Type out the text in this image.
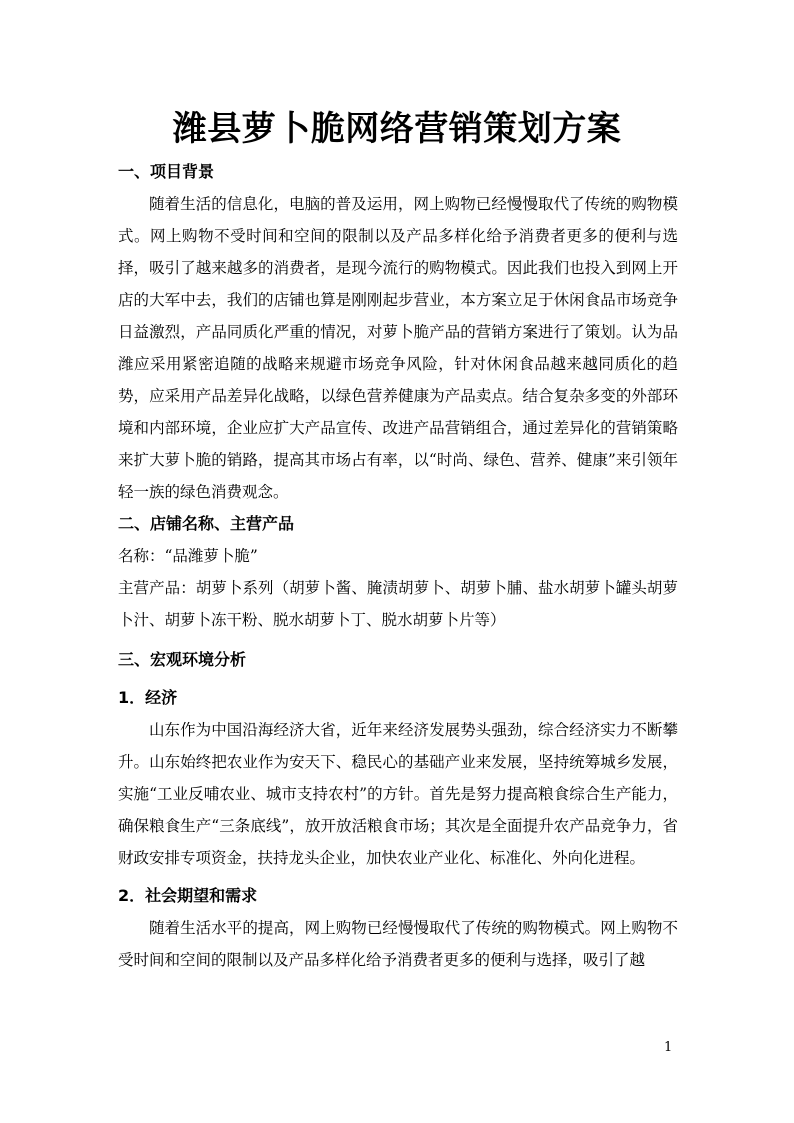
潍县萝卜脆网络营销策划方案

一、项目背景

随着生活的信息化，电脑的普及运用，网上购物已经慢慢取代了传统的购物模式。网上购物不受时间和空间的限制以及产品多样化给予消费者更多的便利与选择，吸引了越来越多的消费者，是现今流行的购物模式。因此我们也投入到网上开店的大军中去，我们的店铺也算是刚刚起步营业，本方案立足于休闲食品市场竞争日益激烈，产品同质化严重的情况，对萝卜脆产品的营销方案进行了策划。认为品潍应采用紧密追随的战略来规避市场竞争风险，针对休闲食品越来越同质化的趋势，应采用产品差异化战略，以绿色营养健康为产品卖点。结合复杂多变的外部环境和内部环境，企业应扩大产品宣传、改进产品营销组合，通过差异化的营销策略来扩大萝卜脆的销路，提高其市场占有率，以“时尚、绿色、营养、健康”来引领年轻一族的绿色消费观念。

二、店铺名称、主营产品

名称：“品潍萝卜脆”

主营产品：胡萝卜系列（胡萝卜酱、腌渍胡萝卜、胡萝卜脯、盐水胡萝卜罐头胡萝卜汁、胡萝卜冻干粉、脱水胡萝卜丁、脱水胡萝卜片等）

三、宏观环境分析

1．经济

山东作为中国沿海经济大省，近年来经济发展势头强劲，综合经济实力不断攀升。山东始终把农业作为安天下、稳民心的基础产业来发展，坚持统筹城乡发展，实施“工业反哺农业、城市支持农村”的方针。首先是努力提高粮食综合生产能力，确保粮食生产“三条底线”，放开放活粮食市场；其次是全面提升农产品竞争力，省财政安排专项资金，扶持龙头企业，加快农业产业化、标准化、外向化进程。

2．社会期望和需求

随着生活水平的提高，网上购物已经慢慢取代了传统的购物模式。网上购物不受时间和空间的限制以及产品多样化给予消费者更多的便利与选择，吸引了越

1
